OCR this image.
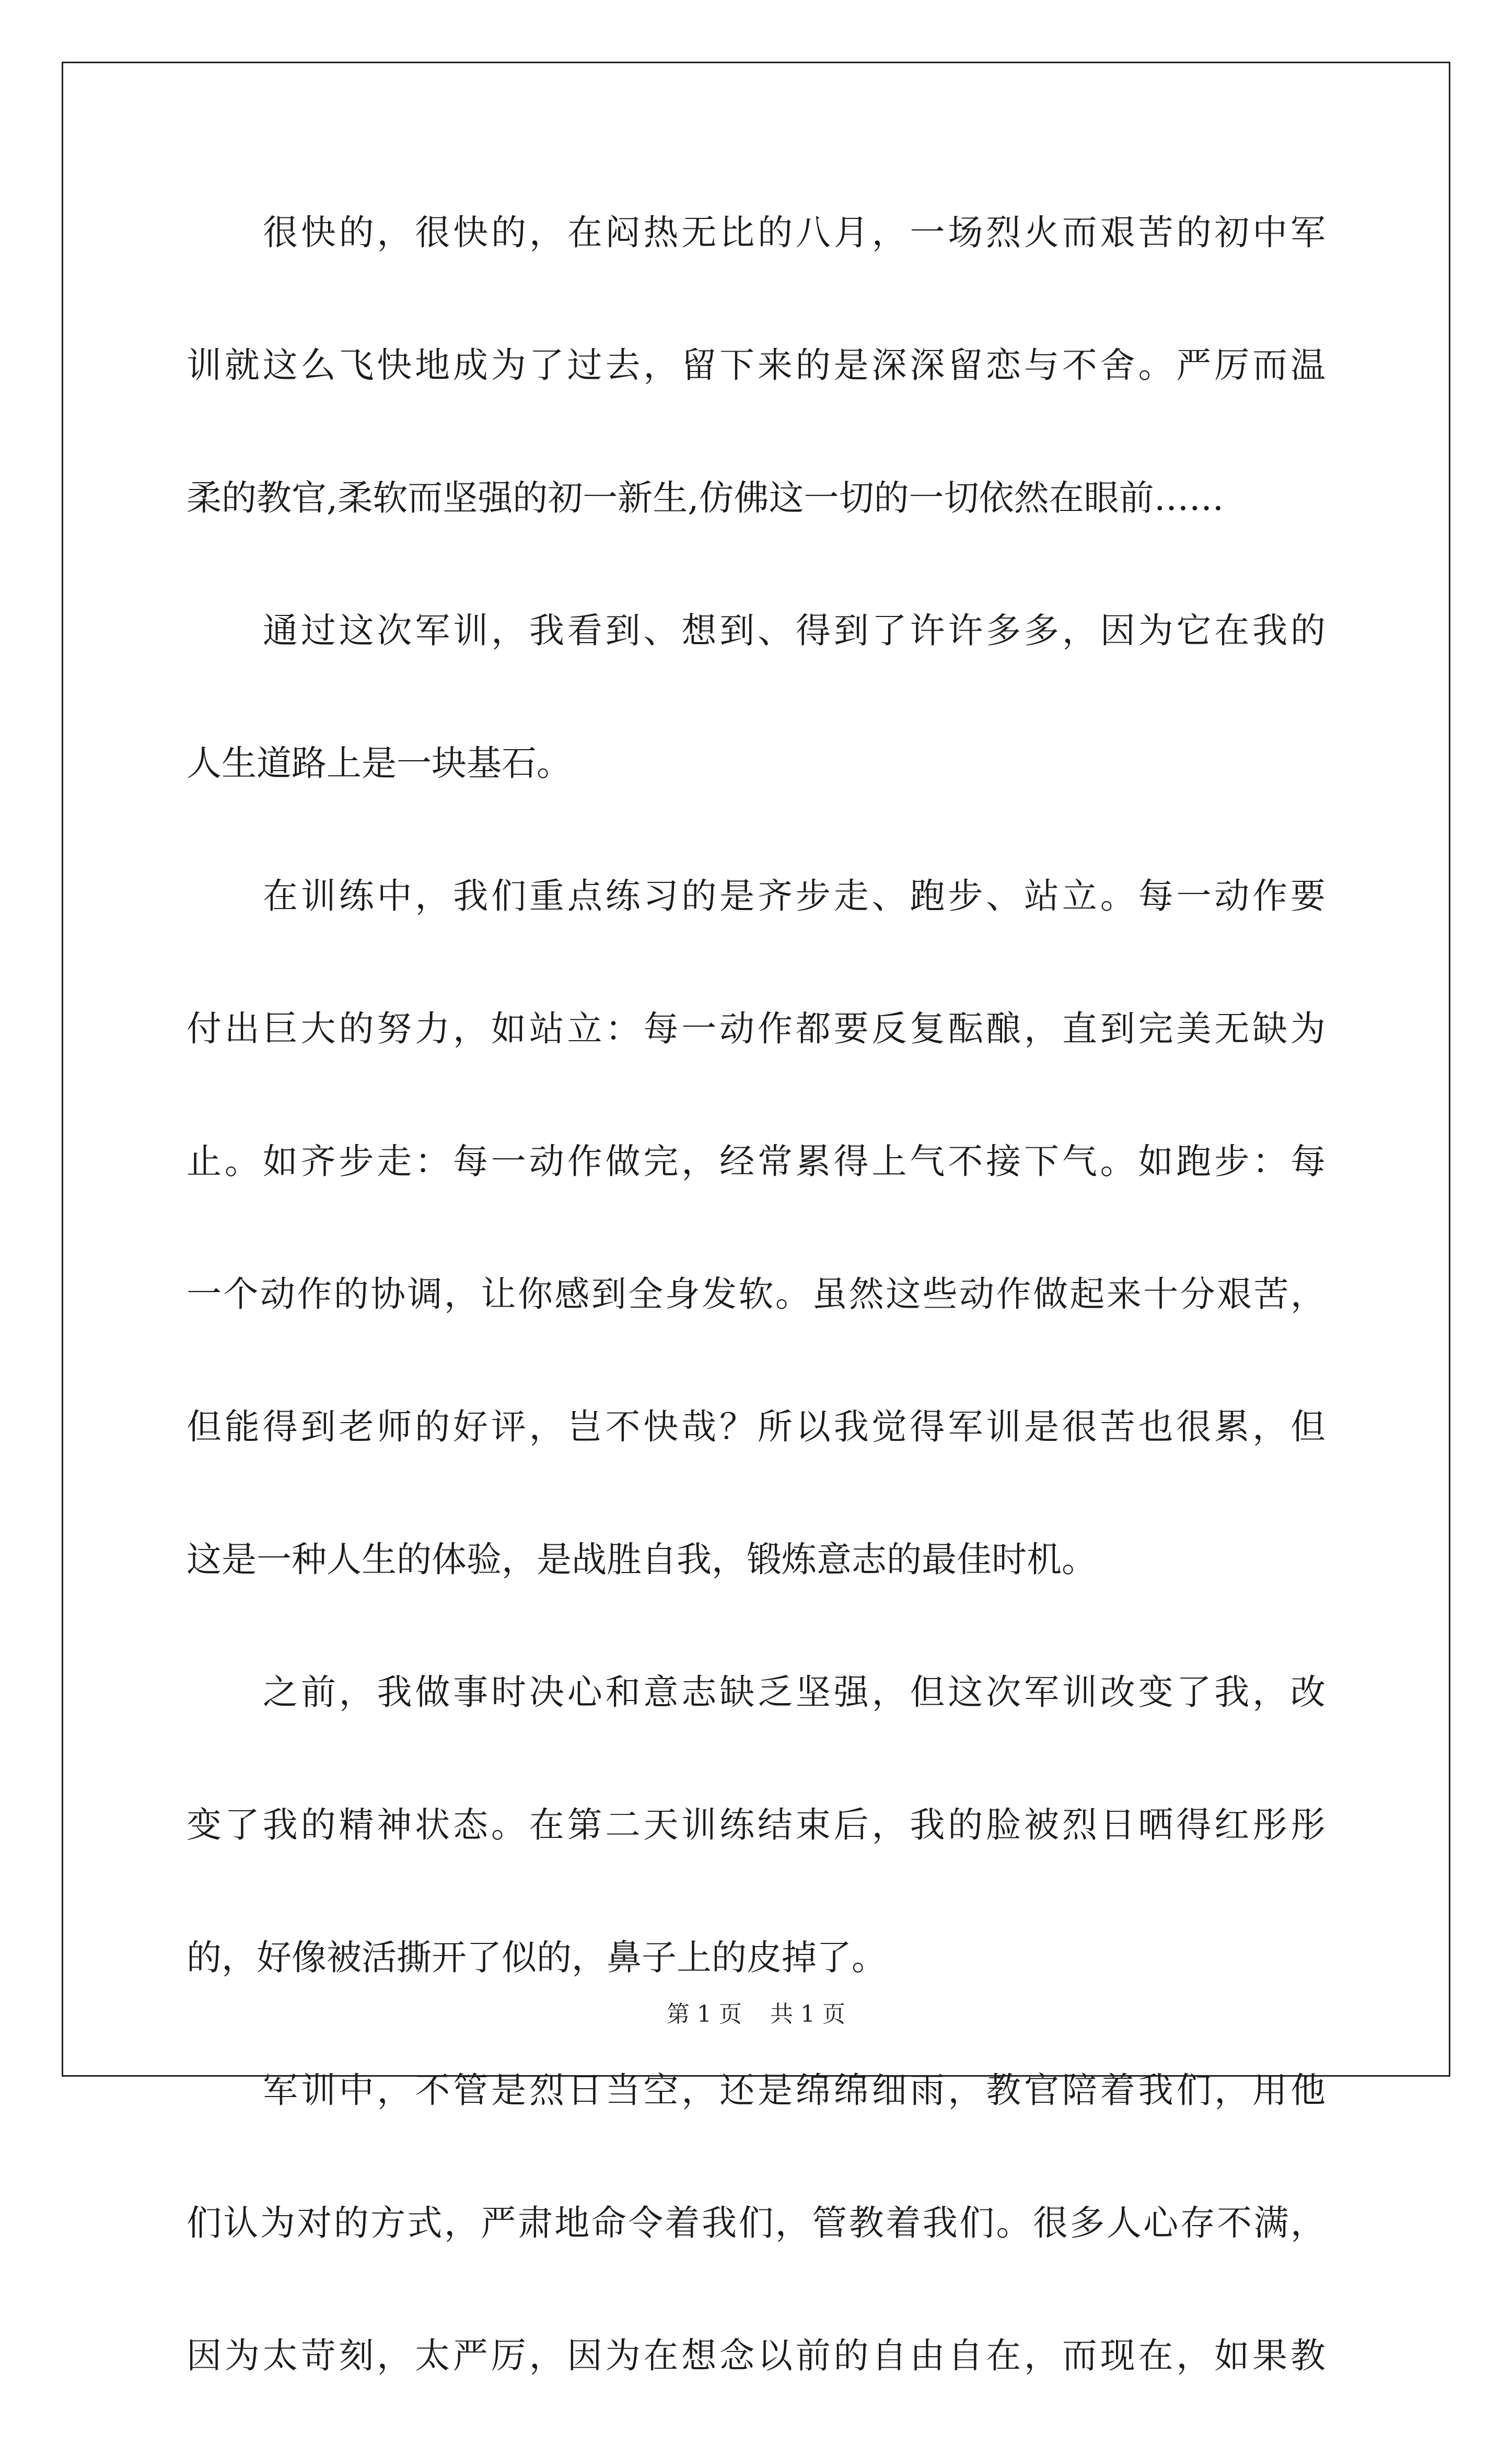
很快的，很快的，在闷热无比的八月，一场烈火而艰苦的初中军
训就这么飞快地成为了过去，留下来的是深深留恋与不舍。严厉而温
柔的教官,柔软而坚强的初一新生,仿佛这一切的一切依然在眼前……
通过这次军训，我看到、想到、得到了许许多多，因为它在我的
人生道路上是一块基石。
在训练中，我们重点练习的是齐步走、跑步、站立。每一动作要
付出巨大的努力，如站立：每一动作都要反复酝酿，直到完美无缺为
止。如齐步走：每一动作做完，经常累得上气不接下气。如跑步：每
一个动作的协调，让你感到全身发软。虽然这些动作做起来十分艰苦，
但能得到老师的好评，岂不快哉？所以我觉得军训是很苦也很累，但
这是一种人生的体验，是战胜自我，锻炼意志的最佳时机。
之前，我做事时决心和意志缺乏坚强，但这次军训改变了我，改
变了我的精神状态。在第二天训练结束后，我的脸被烈日晒得红彤彤
的，好像被活撕开了似的，鼻子上的皮掉了。
军训中，不管是烈日当空，还是绵绵细雨，教官陪着我们，用他
们认为对的方式，严肃地命令着我们，管教着我们。很多人心存不满，
因为太苛刻，太严厉，因为在想念以前的自由自在，而现在，如果教
第 1 页 共 1 页
